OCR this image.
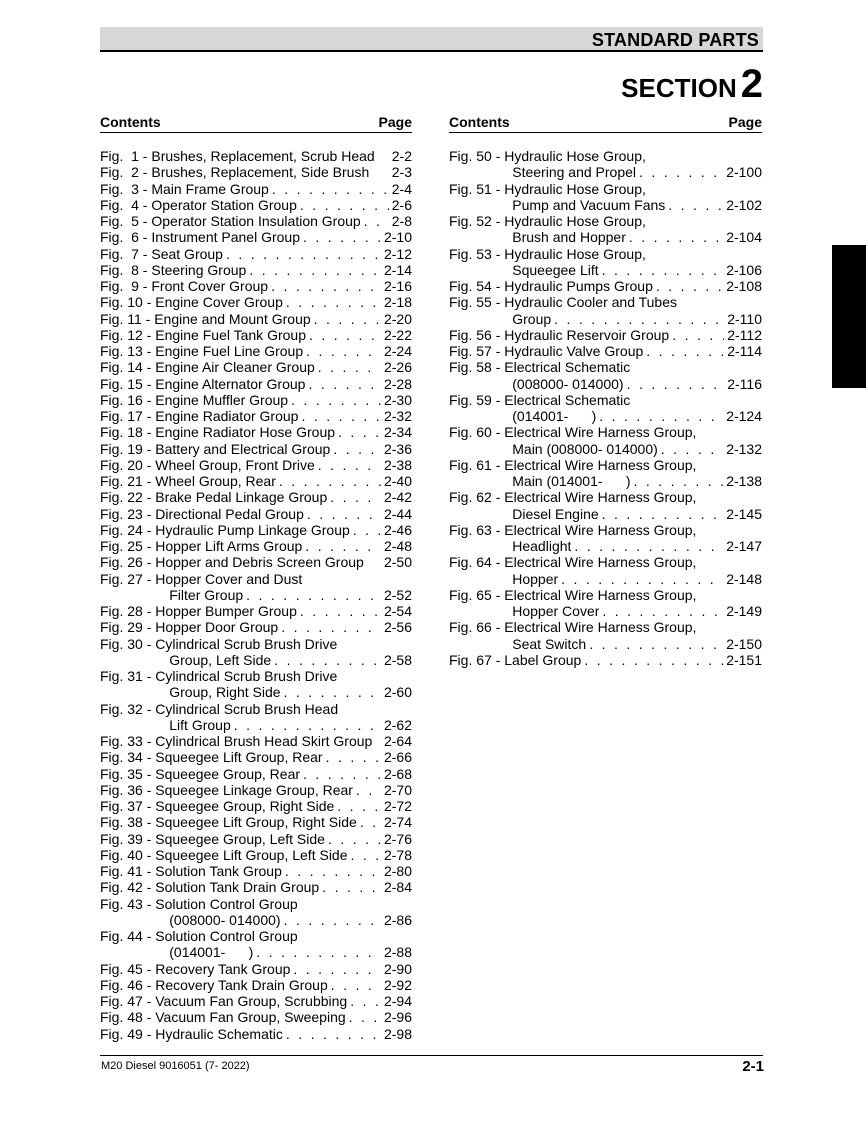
STANDARD PARTS
SECTION 2
Contents	Page
Fig.  1 - Brushes, Replacement, Scrub Head 2-2
Fig.  2 - Brushes, Replacement, Side Brush 2-3
Fig.  3 - Main Frame Group . . .	2-4
Fig.  4 - Operator Station Group . . .	2-6
Fig.  5 - Operator Station Insulation Group . . . 2-8
Fig.  6 - Instrument Panel Group . . .	2-10
Fig.  7 - Seat Group . . .	2-12
Fig.  8 - Steering Group . . .	2-14
Fig.  9 - Front Cover Group . . .	2-16
Fig. 10 - Engine Cover Group . . .	2-18
Fig. 11 - Engine and Mount Group . . .	2-20
Fig. 12 - Engine Fuel Tank Group . . .	2-22
Fig. 13 - Engine Fuel Line Group . . .	2-24
Fig. 14 - Engine Air Cleaner Group . . .	2-26
Fig. 15 - Engine Alternator Group . . .	2-28
Fig. 16 - Engine Muffler Group . . .	2-30
Fig. 17 - Engine Radiator Group . . .	2-32
Fig. 18 - Engine Radiator Hose Group . . .	2-34
Fig. 19 - Battery and Electrical Group . . .	2-36
Fig. 20 - Wheel Group, Front Drive . . .	2-38
Fig. 21 - Wheel Group, Rear . . .	2-40
Fig. 22 - Brake Pedal Linkage Group . . .	2-42
Fig. 23 - Directional Pedal Group . . .	2-44
Fig. 24 - Hydraulic Pump Linkage Group . . . 2-46
Fig. 25 - Hopper Lift Arms Group . . .	2-48
Fig. 26 - Hopper and Debris Screen Group 2-50
Fig. 27 - Hopper Cover and Dust
Filter Group . . .	2-52
Fig. 28 - Hopper Bumper Group . . .	2-54
Fig. 29 - Hopper Door Group . . .	2-56
Fig. 30 - Cylindrical Scrub Brush Drive
Group, Left Side . . .	2-58
Fig. 31 - Cylindrical Scrub Brush Drive
Group, Right Side . . .	2-60
Fig. 32 - Cylindrical Scrub Brush Head
Lift Group . . .	2-62
Fig. 33 - Cylindrical Brush Head Skirt Group 2-64
Fig. 34 - Squeegee Lift Group, Rear . . .	2-66
Fig. 35 - Squeegee Group, Rear . . .	2-68
Fig. 36 - Squeegee Linkage Group, Rear . . . 2-70
Fig. 37 - Squeegee Group, Right Side . . .	2-72
Fig. 38 - Squeegee Lift Group, Right Side . . . 2-74
Fig. 39 - Squeegee Group, Left Side . . .	2-76
Fig. 40 - Squeegee Lift Group, Left Side . . .	2-78
Fig. 41 - Solution Tank Group . . .	2-80
Fig. 42 - Solution Tank Drain Group . . .	2-84
Fig. 43 - Solution Control Group
(008000- 014000) . . .	2-86
Fig. 44 - Solution Control Group
(014001-      ) . . .	2-88
Fig. 45 - Recovery Tank Group . . .	2-90
Fig. 46 - Recovery Tank Drain Group . . .	2-92
Fig. 47 - Vacuum Fan Group, Scrubbing . . .	2-94
Fig. 48 - Vacuum Fan Group, Sweeping . . .	2-96
Fig. 49 - Hydraulic Schematic . . .	2-98
Contents	Page
Fig. 50 - Hydraulic Hose Group,
Steering and Propel . . .	2-100
Fig. 51 - Hydraulic Hose Group,
Pump and Vacuum Fans . . .	2-102
Fig. 52 - Hydraulic Hose Group,
Brush and Hopper . . .	2-104
Fig. 53 - Hydraulic Hose Group,
Squeegee Lift . . .	2-106
Fig. 54 - Hydraulic Pumps Group . . .	2-108
Fig. 55 - Hydraulic Cooler and Tubes
Group . . .	2-110
Fig. 56 - Hydraulic Reservoir Group . . .	2-112
Fig. 57 - Hydraulic Valve Group . . .	2-114
Fig. 58 - Electrical Schematic
(008000- 014000) . . .	2-116
Fig. 59 - Electrical Schematic
(014001-      ) . . .	2-124
Fig. 60 - Electrical Wire Harness Group,
Main (008000- 014000) . . .	2-132
Fig. 61 - Electrical Wire Harness Group,
Main (014001-      ) . . .	2-138
Fig. 62 - Electrical Wire Harness Group,
Diesel Engine . . .	2-145
Fig. 63 - Electrical Wire Harness Group,
Headlight . . .	2-147
Fig. 64 - Electrical Wire Harness Group,
Hopper . . .	2-148
Fig. 65 - Electrical Wire Harness Group,
Hopper Cover . . .	2-149
Fig. 66 - Electrical Wire Harness Group,
Seat Switch . . .	2-150
Fig. 67 - Label Group . . .	2-151
M20 Diesel 9016051 (7- 2022)	2-1
